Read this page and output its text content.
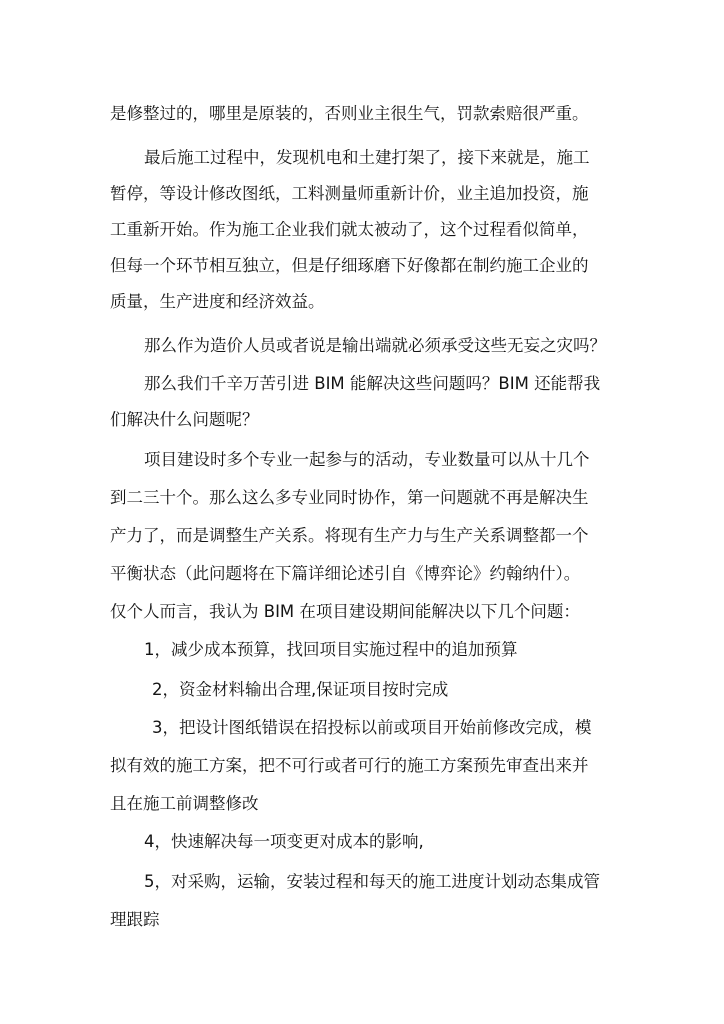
是修整过的，哪里是原装的，否则业主很生气，罚款索赔很严重。
最后施工过程中，发现机电和土建打架了，接下来就是，施工
暂停，等设计修改图纸，工料测量师重新计价，业主追加投资，施
工重新开始。作为施工企业我们就太被动了，这个过程看似简单，
但每一个环节相互独立，但是仔细琢磨下好像都在制约施工企业的
质量，生产进度和经济效益。
那么作为造价人员或者说是输出端就必须承受这些无妄之灾吗？
那么我们千辛万苦引进 BIM 能解决这些问题吗？BIM 还能帮我
们解决什么问题呢？
项目建设时多个专业一起参与的活动，专业数量可以从十几个
到二三十个。那么这么多专业同时协作，第一问题就不再是解决生
产力了，而是调整生产关系。将现有生产力与生产关系调整都一个
平衡状态（此问题将在下篇详细论述引自《博弈论》约翰纳什）。
仅个人而言，我认为 BIM 在项目建设期间能解决以下几个问题：
1，减少成本预算，找回项目实施过程中的追加预算
2，资金材料输出合理,保证项目按时完成
3，把设计图纸错误在招投标以前或项目开始前修改完成，模
拟有效的施工方案，把不可行或者可行的施工方案预先审查出来并
且在施工前调整修改
4，快速解决每一项变更对成本的影响,
5，对采购，运输，安装过程和每天的施工进度计划动态集成管
理跟踪
